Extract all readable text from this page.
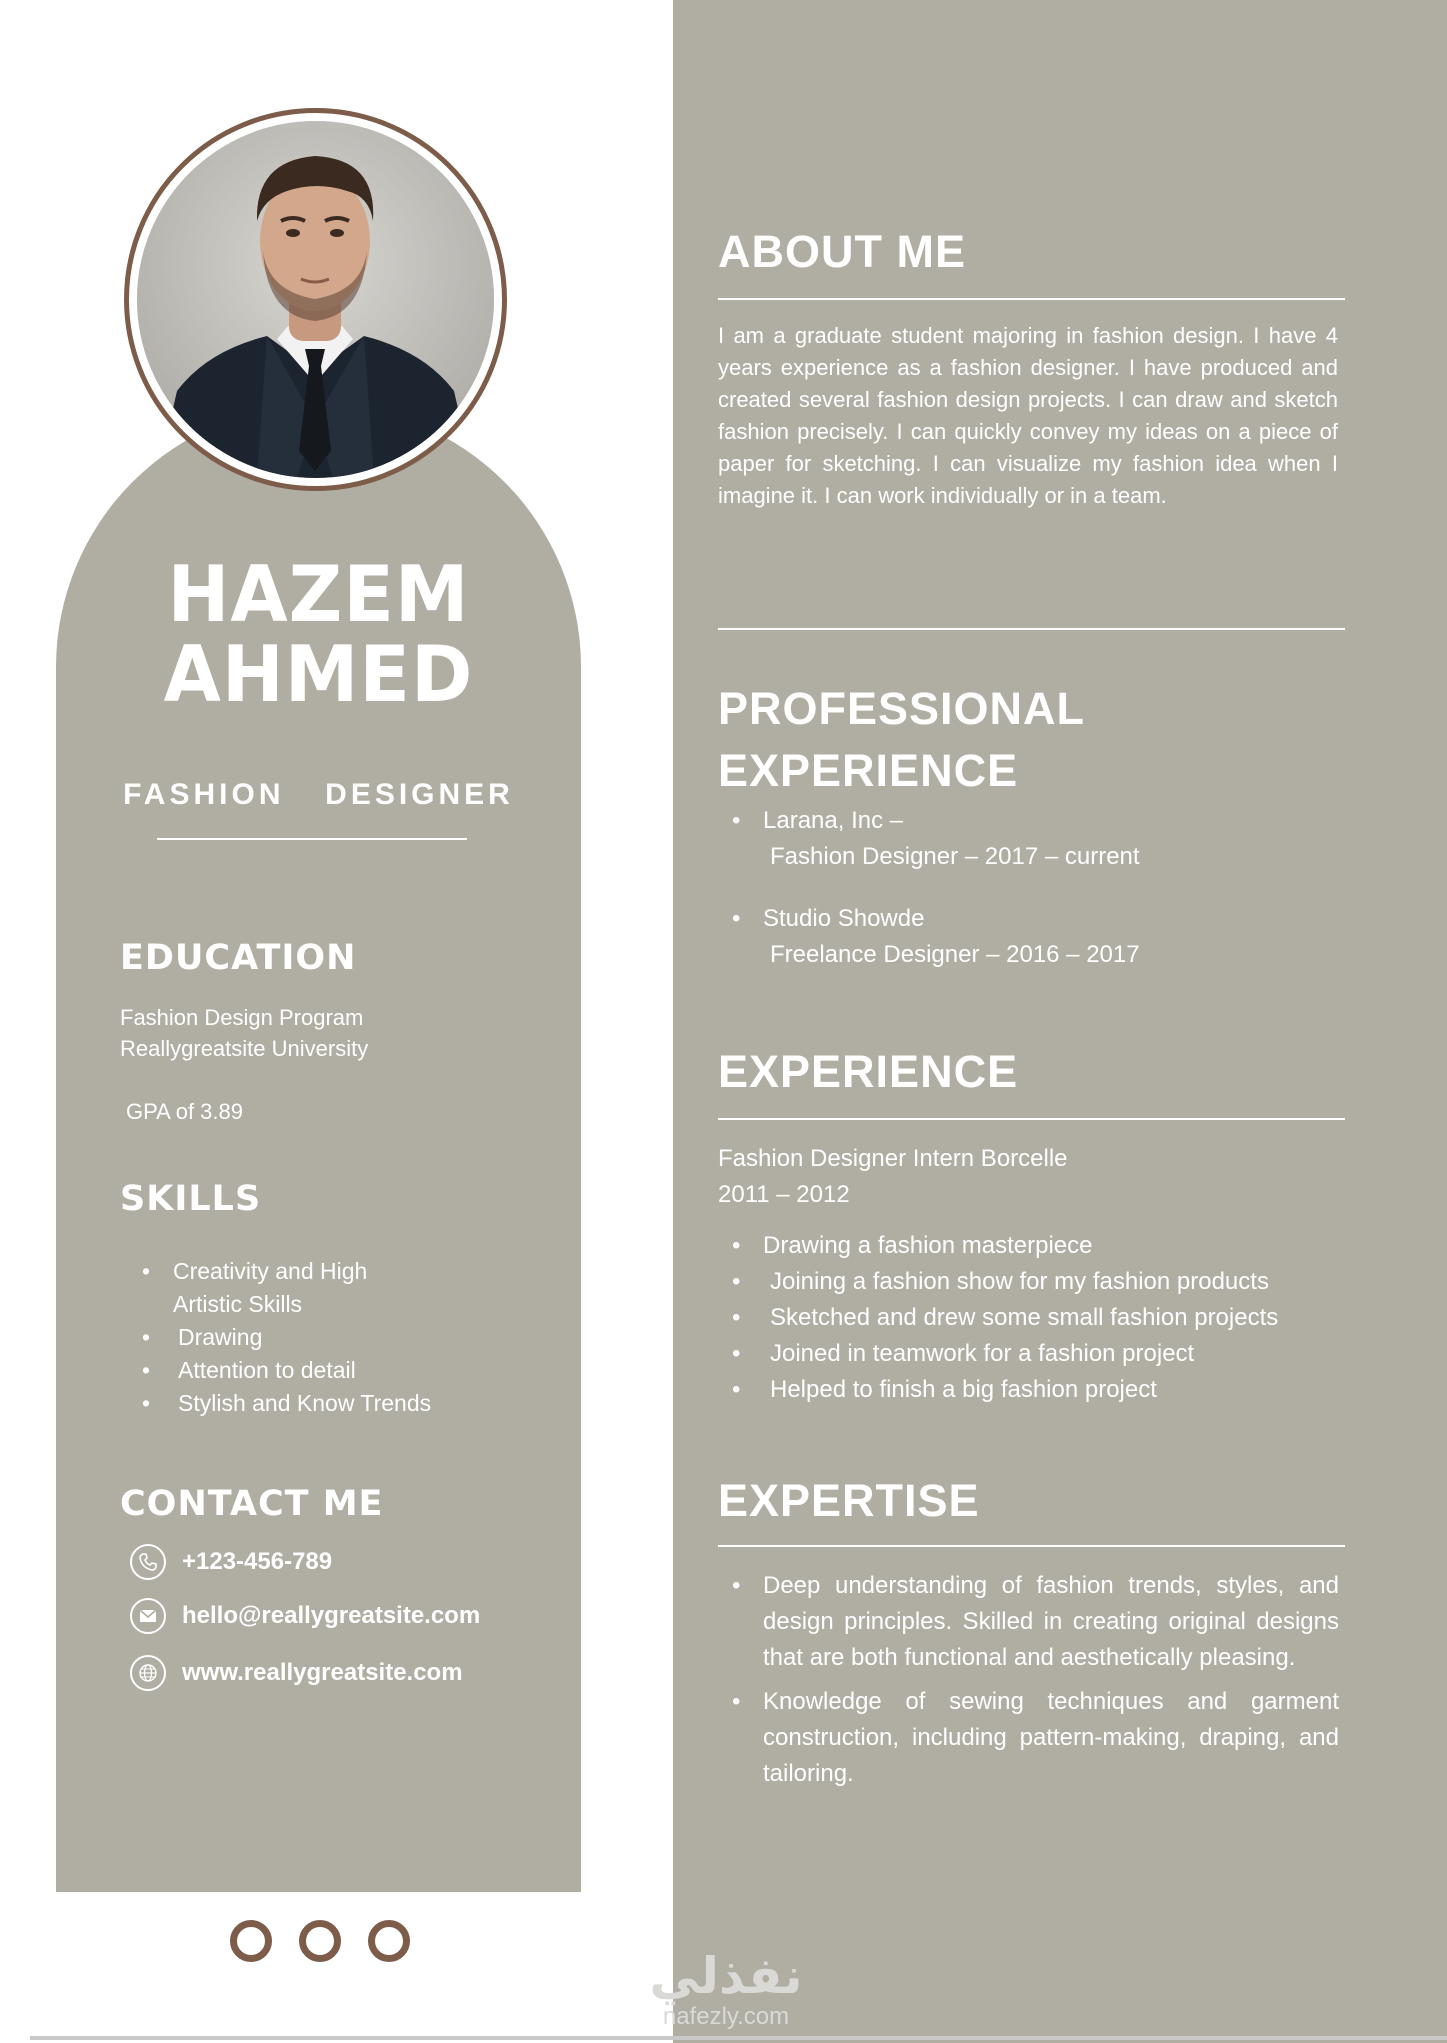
HAZEM
AHMED
FASHION  DESIGNER
EDUCATION
Fashion Design Program
Reallygreatsite University
GPA of 3.89
SKILLS
• Creativity and High Artistic Skills
• Drawing
• Attention to detail
• Stylish and Know Trends
CONTACT ME
+123-456-789
hello@reallygreatsite.com
www.reallygreatsite.com
ABOUT ME
I am a graduate student majoring in fashion design. I have 4 years experience as a fashion designer. I have produced and created several fashion design projects. I can draw and sketch fashion precisely. I can quickly convey my ideas on a piece of paper for sketching. I can visualize my fashion idea when I imagine it. I can work individually or in a team.
PROFESSIONAL
EXPERIENCE
• Larana, Inc –
Fashion Designer – 2017 – current
• Studio Showde
Freelance Designer – 2016 – 2017
EXPERIENCE
Fashion Designer Intern Borcelle
2011 – 2012
• Drawing a fashion masterpiece
• Joining a fashion show for my fashion products
• Sketched and drew some small fashion projects
• Joined in teamwork for a fashion project
• Helped to finish a big fashion project
EXPERTISE
• Deep understanding of fashion trends, styles, and design principles. Skilled in creating original designs that are both functional and aesthetically pleasing.
• Knowledge of sewing techniques and garment construction, including pattern-making, draping, and tailoring.
نفذلي
nafezly.com
